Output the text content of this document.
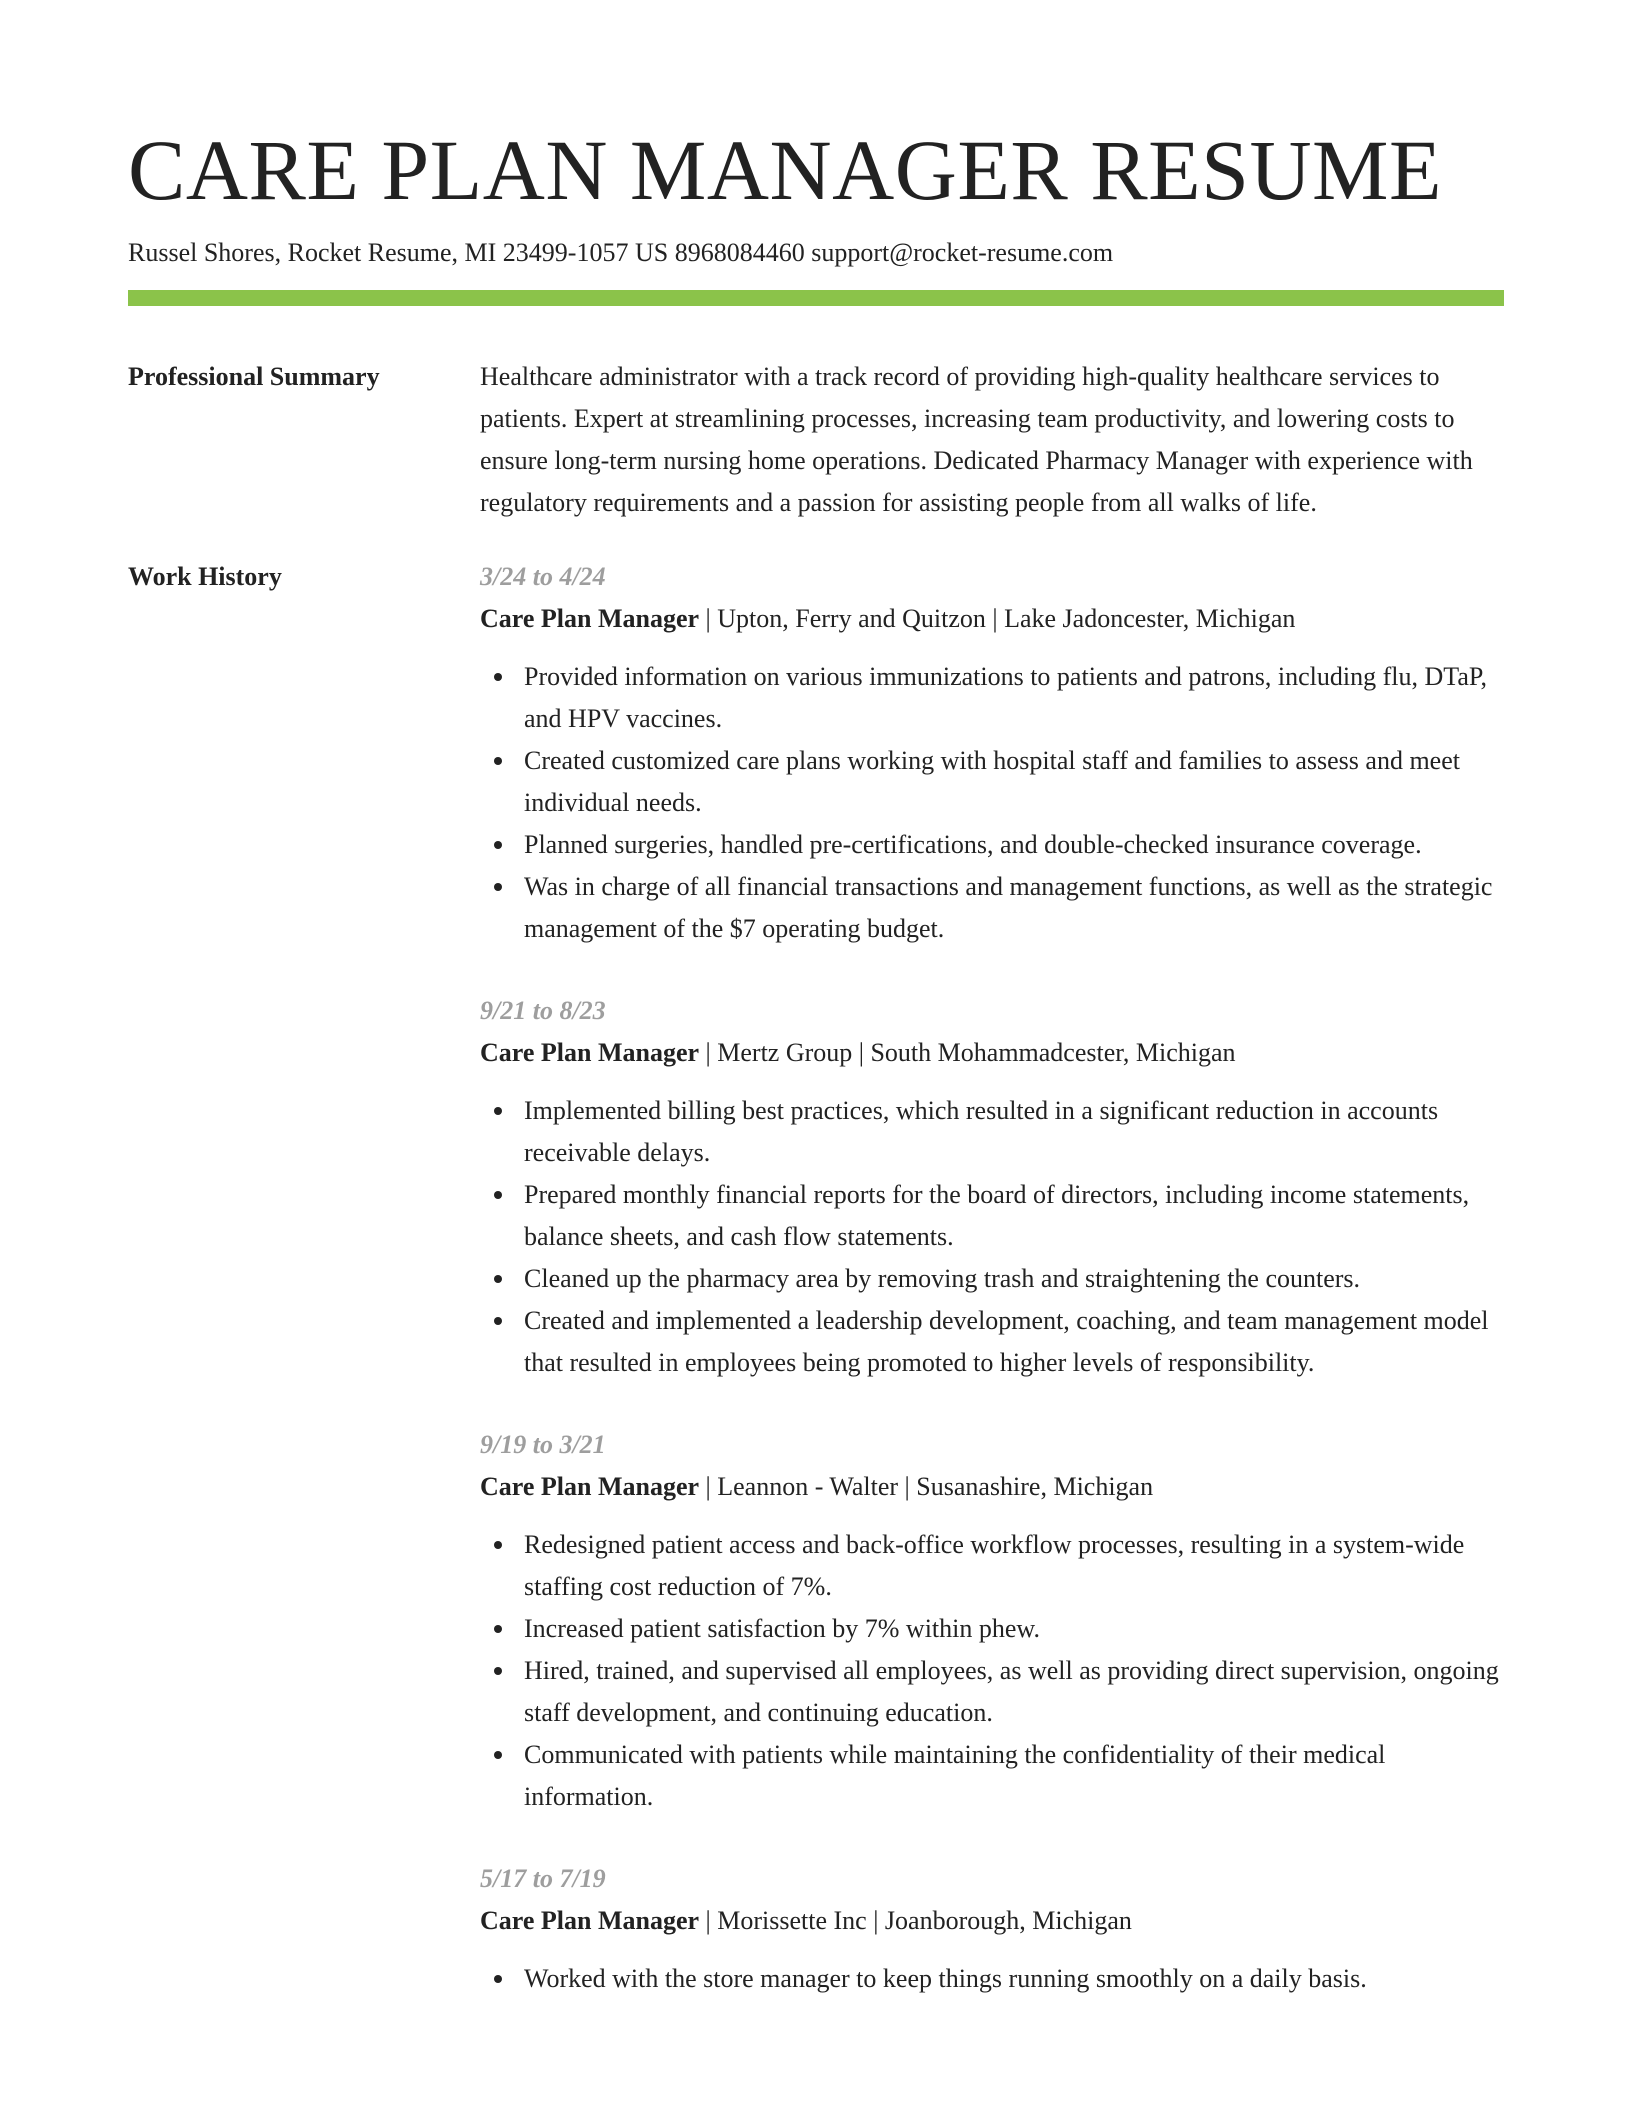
CARE PLAN MANAGER RESUME
Russel Shores, Rocket Resume, MI 23499-1057 US 8968084460 support@rocket-resume.com
Professional Summary	Healthcare administrator with a track record of providing high-quality healthcare services to patients. Expert at streamlining processes, increasing team productivity, and lowering costs to ensure long-term nursing home operations. Dedicated Pharmacy Manager with experience with regulatory requirements and a passion for assisting people from all walks of life.

Work History	3/24 to 4/24
Care Plan Manager | Upton, Ferry and Quitzon | Lake Jadoncester, Michigan
Provided information on various immunizations to patients and patrons, including flu, DTaP, and HPV vaccines.
Created customized care plans working with hospital staff and families to assess and meet individual needs.
Planned surgeries, handled pre-certifications, and double-checked insurance coverage.
Was in charge of all financial transactions and management functions, as well as the strategic management of the $7 operating budget.
9/21 to 8/23
Care Plan Manager | Mertz Group | South Mohammadcester, Michigan
Implemented billing best practices, which resulted in a significant reduction in accounts receivable delays.
Prepared monthly financial reports for the board of directors, including income statements, balance sheets, and cash flow statements.
Cleaned up the pharmacy area by removing trash and straightening the counters.
Created and implemented a leadership development, coaching, and team management model that resulted in employees being promoted to higher levels of responsibility.
9/19 to 3/21
Care Plan Manager | Leannon - Walter | Susanashire, Michigan
Redesigned patient access and back-office workflow processes, resulting in a system-wide staffing cost reduction of 7%.
Increased patient satisfaction by 7% within phew.
Hired, trained, and supervised all employees, as well as providing direct supervision, ongoing staff development, and continuing education.
Communicated with patients while maintaining the confidentiality of their medical information.
5/17 to 7/19
Care Plan Manager | Morissette Inc | Joanborough, Michigan
Worked with the store manager to keep things running smoothly on a daily basis.
